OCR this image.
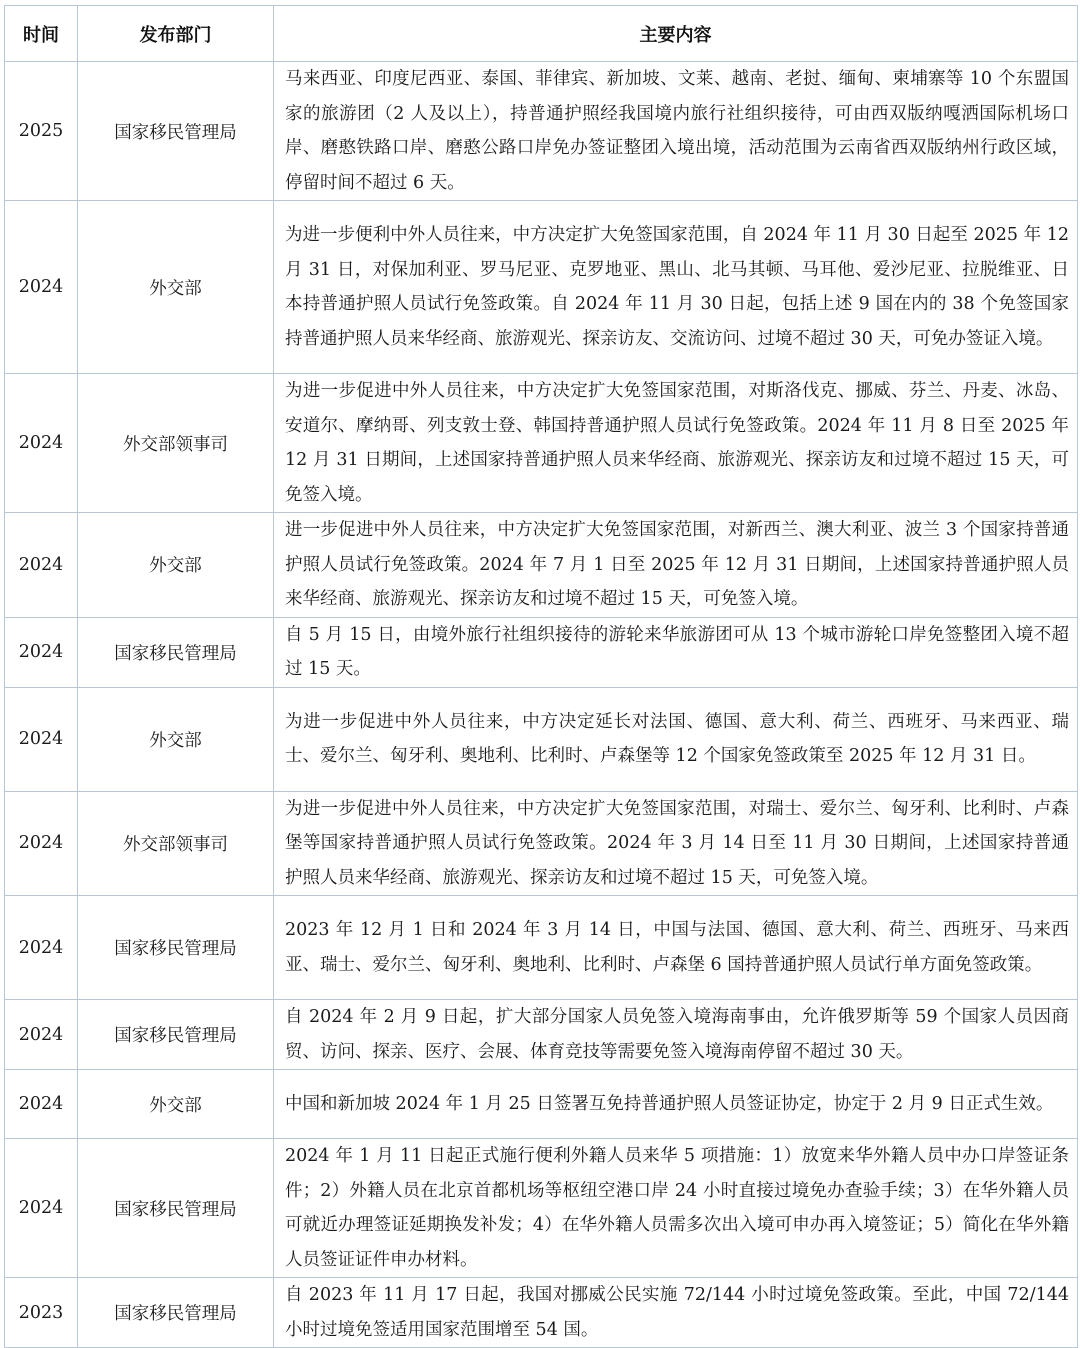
时间	发布部门	主要内容
2025	国家移民管理局	马来西亚、印度尼西亚、泰国、菲律宾、新加坡、文莱、越南、老挝、缅甸、柬埔寨等 10 个东盟国家的旅游团（2 人及以上），持普通护照经我国境内旅行社组织接待，可由西双版纳嘎洒国际机场口岸、磨憨铁路口岸、磨憨公路口岸免办签证整团入境出境，活动范围为云南省西双版纳州行政区域，停留时间不超过 6 天。
2024	外交部	为进一步便利中外人员往来，中方决定扩大免签国家范围，自 2024 年 11 月 30 日起至 2025 年 12 月 31 日，对保加利亚、罗马尼亚、克罗地亚、黑山、北马其顿、马耳他、爱沙尼亚、拉脱维亚、日本持普通护照人员试行免签政策。自 2024 年 11 月 30 日起，包括上述 9 国在内的 38 个免签国家持普通护照人员来华经商、旅游观光、探亲访友、交流访问、过境不超过 30 天，可免办签证入境。
2024	外交部领事司	为进一步促进中外人员往来，中方决定扩大免签国家范围，对斯洛伐克、挪威、芬兰、丹麦、冰岛、安道尔、摩纳哥、列支敦士登、韩国持普通护照人员试行免签政策。2024 年 11 月 8 日至 2025 年 12 月 31 日期间，上述国家持普通护照人员来华经商、旅游观光、探亲访友和过境不超过 15 天，可免签入境。
2024	外交部	进一步促进中外人员往来，中方决定扩大免签国家范围，对新西兰、澳大利亚、波兰 3 个国家持普通护照人员试行免签政策。2024 年 7 月 1 日至 2025 年 12 月 31 日期间，上述国家持普通护照人员来华经商、旅游观光、探亲访友和过境不超过 15 天，可免签入境。
2024	国家移民管理局	自 5 月 15 日，由境外旅行社组织接待的游轮来华旅游团可从 13 个城市游轮口岸免签整团入境不超过 15 天。
2024	外交部	为进一步促进中外人员往来，中方决定延长对法国、德国、意大利、荷兰、西班牙、马来西亚、瑞士、爱尔兰、匈牙利、奥地利、比利时、卢森堡等 12 个国家免签政策至 2025 年 12 月 31 日。
2024	外交部领事司	为进一步促进中外人员往来，中方决定扩大免签国家范围，对瑞士、爱尔兰、匈牙利、比利时、卢森堡等国家持普通护照人员试行免签政策。2024 年 3 月 14 日至 11 月 30 日期间，上述国家持普通护照人员来华经商、旅游观光、探亲访友和过境不超过 15 天，可免签入境。
2024	国家移民管理局	2023 年 12 月 1 日和 2024 年 3 月 14 日，中国与法国、德国、意大利、荷兰、西班牙、马来西亚、瑞士、爱尔兰、匈牙利、奥地利、比利时、卢森堡 6 国持普通护照人员试行单方面免签政策。
2024	国家移民管理局	自 2024 年 2 月 9 日起，扩大部分国家人员免签入境海南事由，允许俄罗斯等 59 个国家人员因商贸、访问、探亲、医疗、会展、体育竞技等需要免签入境海南停留不超过 30 天。
2024	外交部	中国和新加坡 2024 年 1 月 25 日签署互免持普通护照人员签证协定，协定于 2 月 9 日正式生效。
2024	国家移民管理局	2024 年 1 月 11 日起正式施行便利外籍人员来华 5 项措施：1）放宽来华外籍人员中办口岸签证条件；2）外籍人员在北京首都机场等枢纽空港口岸 24 小时直接过境免办查验手续；3）在华外籍人员可就近办理签证延期换发补发；4）在华外籍人员需多次出入境可申办再入境签证；5）简化在华外籍人员签证证件申办材料。
2023	国家移民管理局	自 2023 年 11 月 17 日起，我国对挪威公民实施 72/144 小时过境免签政策。至此，中国 72/144 小时过境免签适用国家范围增至 54 国。
